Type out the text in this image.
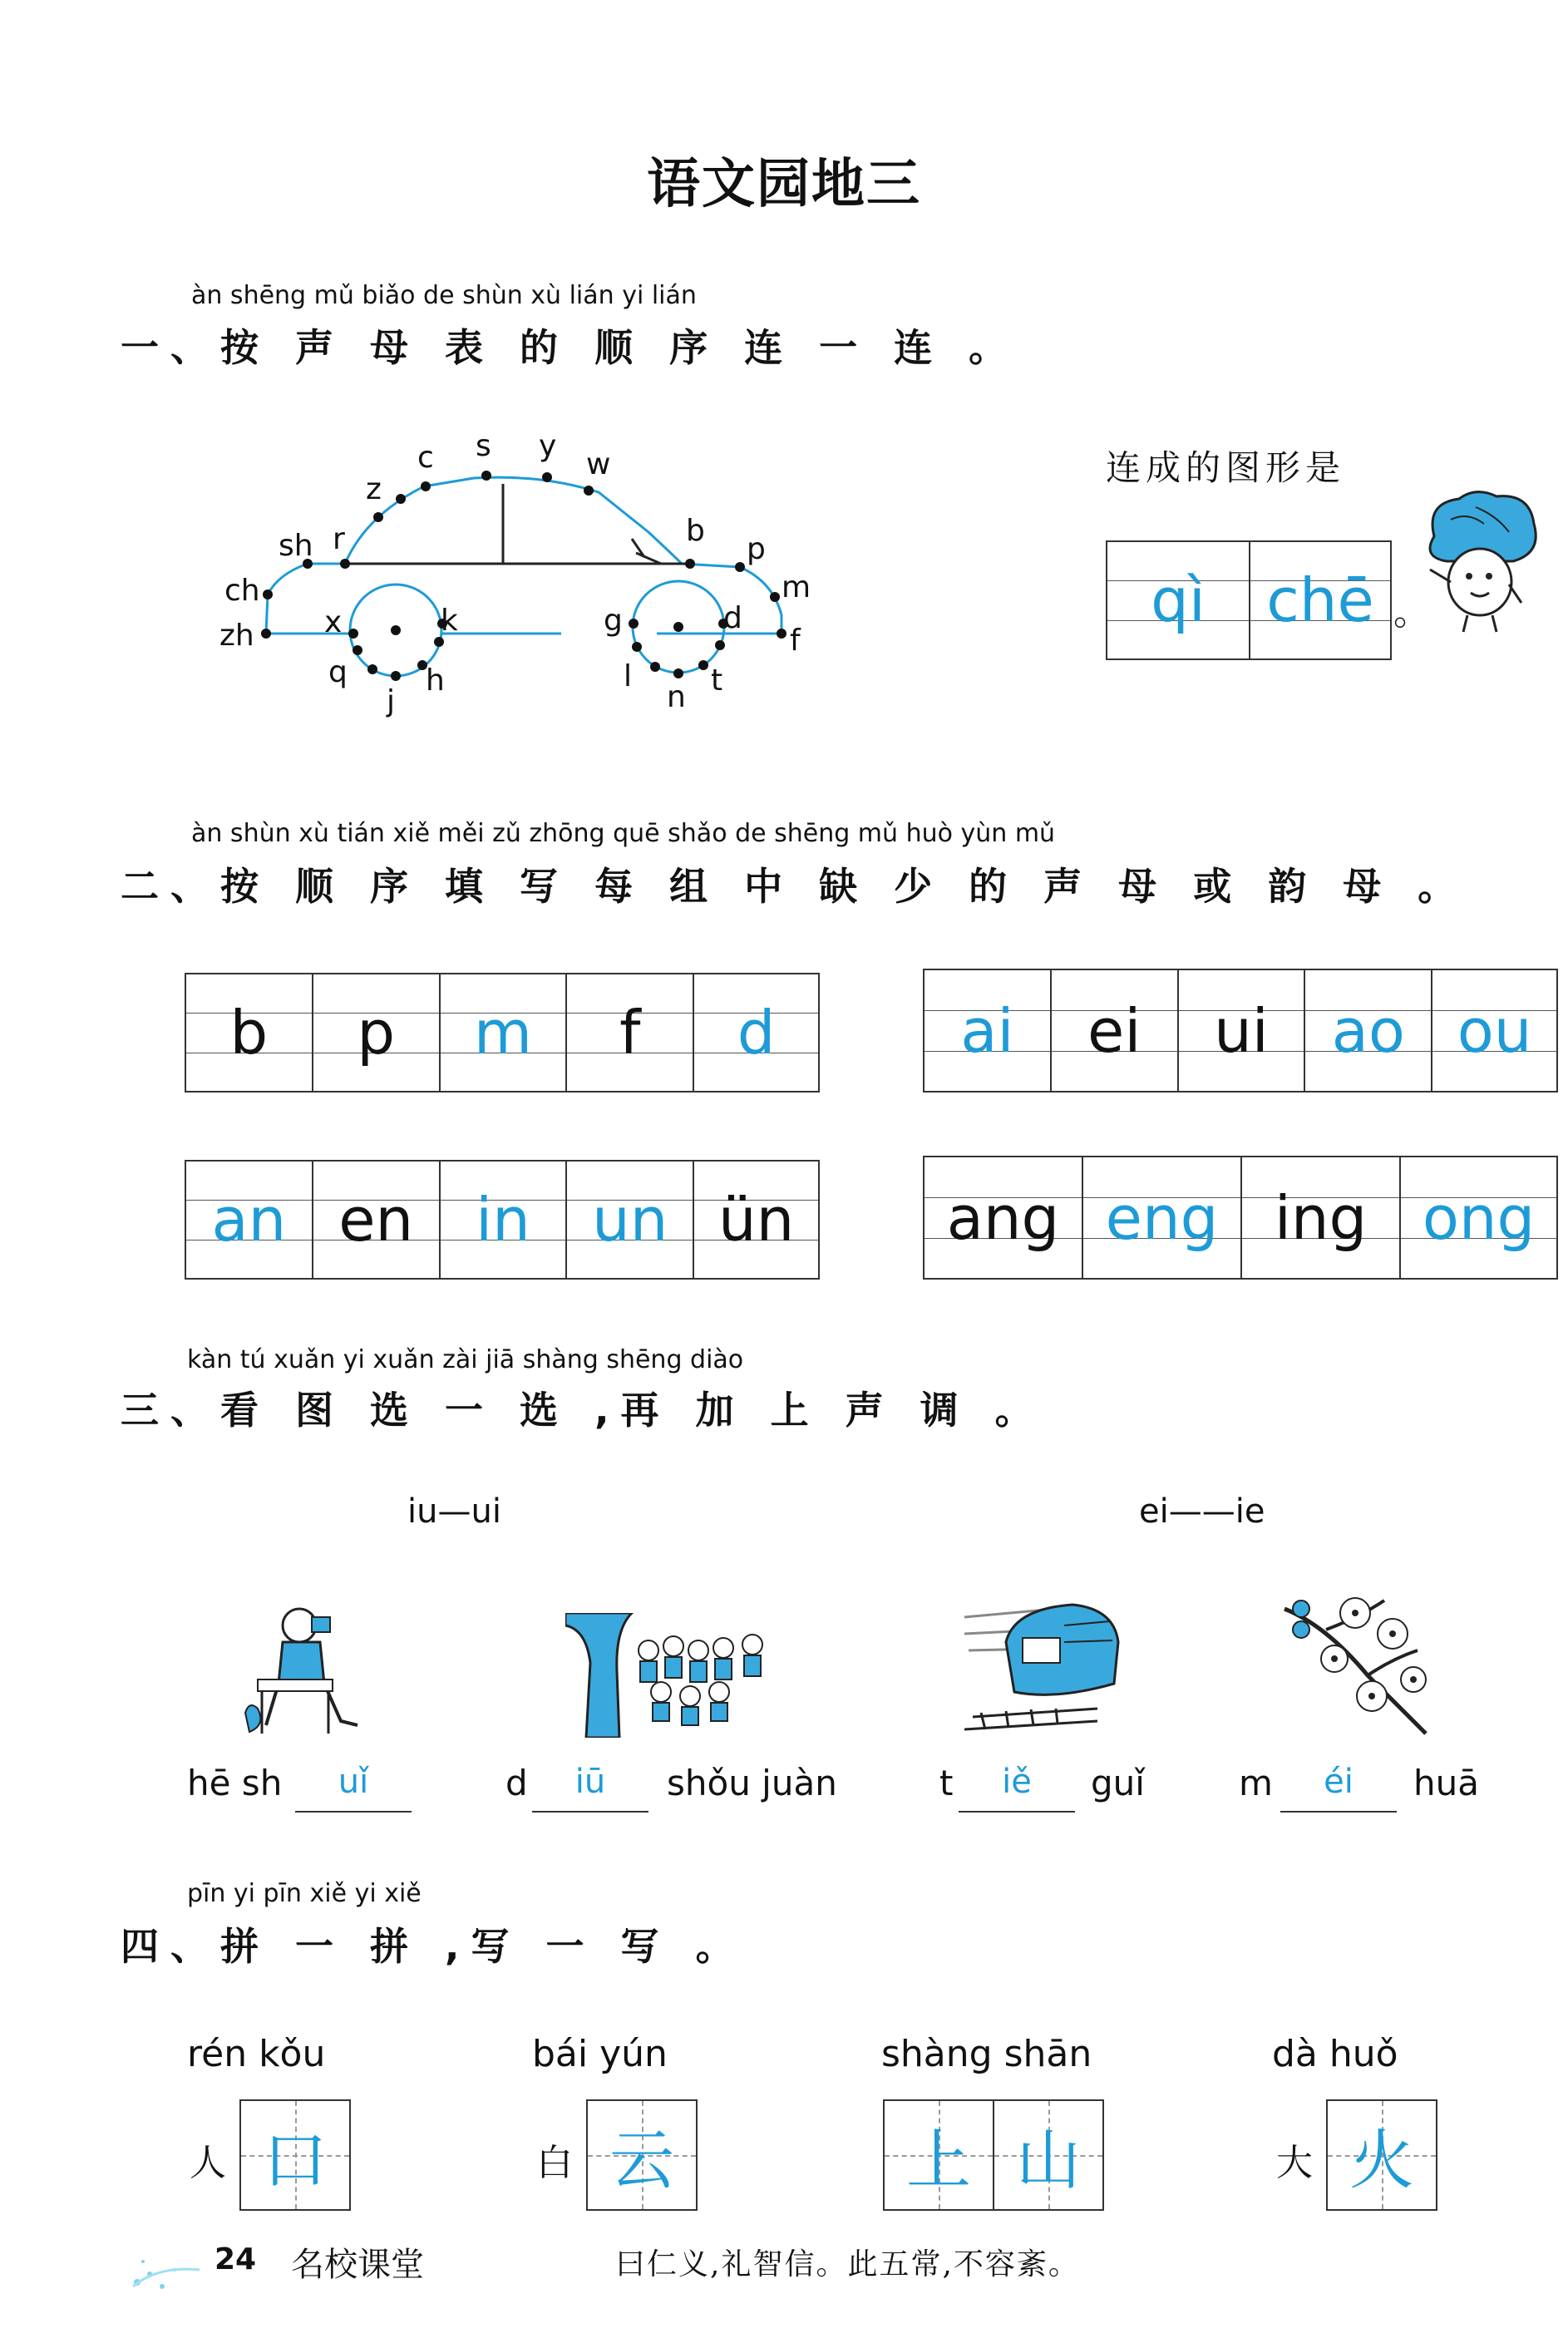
语文园地三
àn shēng mǔ biǎo de shùn xù lián yi lián
一、按 声 母 表 的 顺 序 连 一 连 。
zh
ch
sh r
z
c s y
w
b
p
m
f
x	k
q
j
h
g	d
l
n t
连成的图形是
qì chē 。
àn shùn xù tián xiě měi zǔ zhōng quē shǎo de shēng mǔ huò yùn mǔ
二、按 顺 序 填 写 每 组 中 缺 少 的 声 母 或 韵 母 。
b p m f d	ai ei ui ao ou
an en in un ün	ang eng ing ong
kàn tú xuǎn yi xuǎn zài jiā shàng shēng diào
三、看 图 选 一 选 ,再 加 上 声 调 。
iu—ui	ei——ie
hē sh	uǐ	d	iū	shǒu juàn	t	iě	guǐ	m	éi	huā
pīn yi pīn xiě yi xiě
四、拼 一 拼 ,写 一 写 。
rén kǒu
人 口
bái yún
白 云
shàng shān
上 山
dà huǒ
大 火
24 名校课堂	曰仁义,礼智信。此五常,不容紊。
